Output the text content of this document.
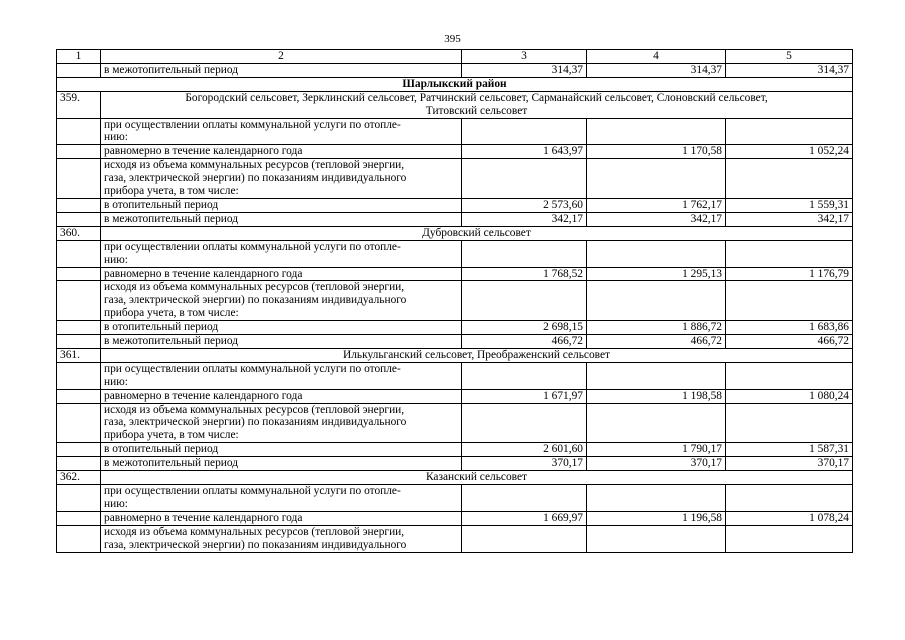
395
1	2	3	4	5
	в межотопительный период	314,37	314,37	314,37
Шарлыкский район				
359.	Богородский сельсовет, Зерклинский сельсовет, Ратчинский сельсовет, Сарманайский сельсовет, Слоновский сельсовет,
Титовский сельсовет			
	при осуществлении оплаты коммунальной услуги по отопле-
нию:			
	равномерно в течение календарного года	1 643,97	1 170,58	1 052,24
	исходя из объема коммунальных ресурсов (тепловой энергии,
газа, электрической энергии) по показаниям индивидуального
прибора учета, в том числе:			
	в отопительный период	2 573,60	1 762,17	1 559,31
	в межотопительный период	342,17	342,17	342,17
360.	Дубровский сельсовет			
	при осуществлении оплаты коммунальной услуги по отопле-
нию:			
	равномерно в течение календарного года	1 768,52	1 295,13	1 176,79
	исходя из объема коммунальных ресурсов (тепловой энергии,
газа, электрической энергии) по показаниям индивидуального
прибора учета, в том числе:			
	в отопительный период	2 698,15	1 886,72	1 683,86
	в межотопительный период	466,72	466,72	466,72
361.	Илькульганский сельсовет, Преображенский сельсовет			
	при осуществлении оплаты коммунальной услуги по отопле-
нию:			
	равномерно в течение календарного года	1 671,97	1 198,58	1 080,24
	исходя из объема коммунальных ресурсов (тепловой энергии,
газа, электрической энергии) по показаниям индивидуального
прибора учета, в том числе:			
	в отопительный период	2 601,60	1 790,17	1 587,31
	в межотопительный период	370,17	370,17	370,17
362.	Казанский сельсовет			
	при осуществлении оплаты коммунальной услуги по отопле-
нию:			
	равномерно в течение календарного года	1 669,97	1 196,58	1 078,24
	исходя из объема коммунальных ресурсов (тепловой энергии,
газа, электрической энергии) по показаниям индивидуального			
